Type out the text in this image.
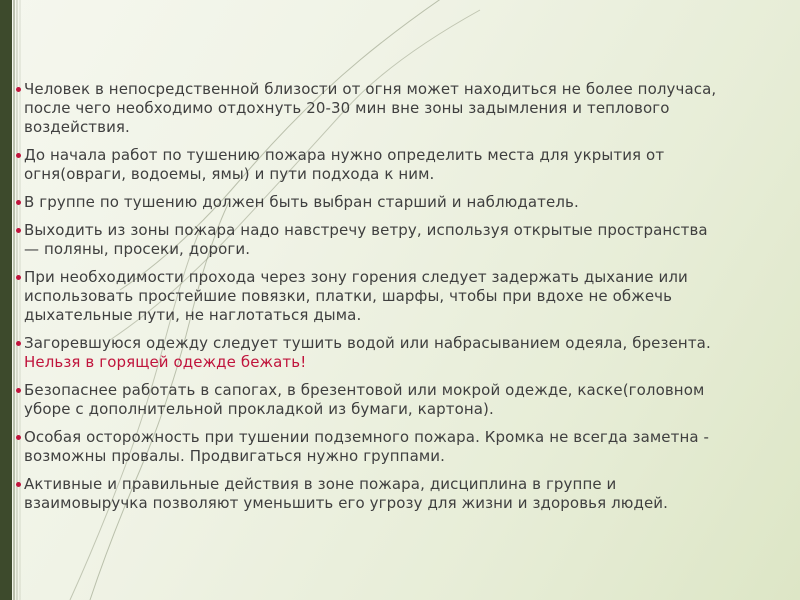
Человек в непосредственной близости от огня может находиться не более получаса, после чего необходимо отдохнуть 20-30 мин вне зоны задымления и теплового воздействия.
До начала работ по тушению пожара нужно определить места для укрытия от огня(овраги, водоемы, ямы) и пути подхода к ним.
В группе по тушению должен быть выбран старший и наблюдатель.
Выходить из зоны пожара надо навстречу ветру, используя открытые пространства — поляны, просеки, дороги.
При необходимости прохода через зону горения следует задержать дыхание или использовать простейшие повязки, платки, шарфы, чтобы при вдохе не обжечь дыхательные пути, не наглотаться дыма.
Загоревшуюся одежду следует тушить водой или набрасыванием одеяла, брезента. Нельзя в горящей одежде бежать!
Безопаснее работать в сапогах, в брезентовой или мокрой одежде, каске(головном уборе с дополнительной прокладкой из бумаги, картона).
Особая осторожность при тушении подземного пожара. Кромка не всегда заметна - возможны провалы. Продвигаться нужно группами.
Активные и правильные действия в зоне пожара, дисциплина в группе и взаимовыручка позволяют уменьшить его угрозу для жизни и здоровья людей.
